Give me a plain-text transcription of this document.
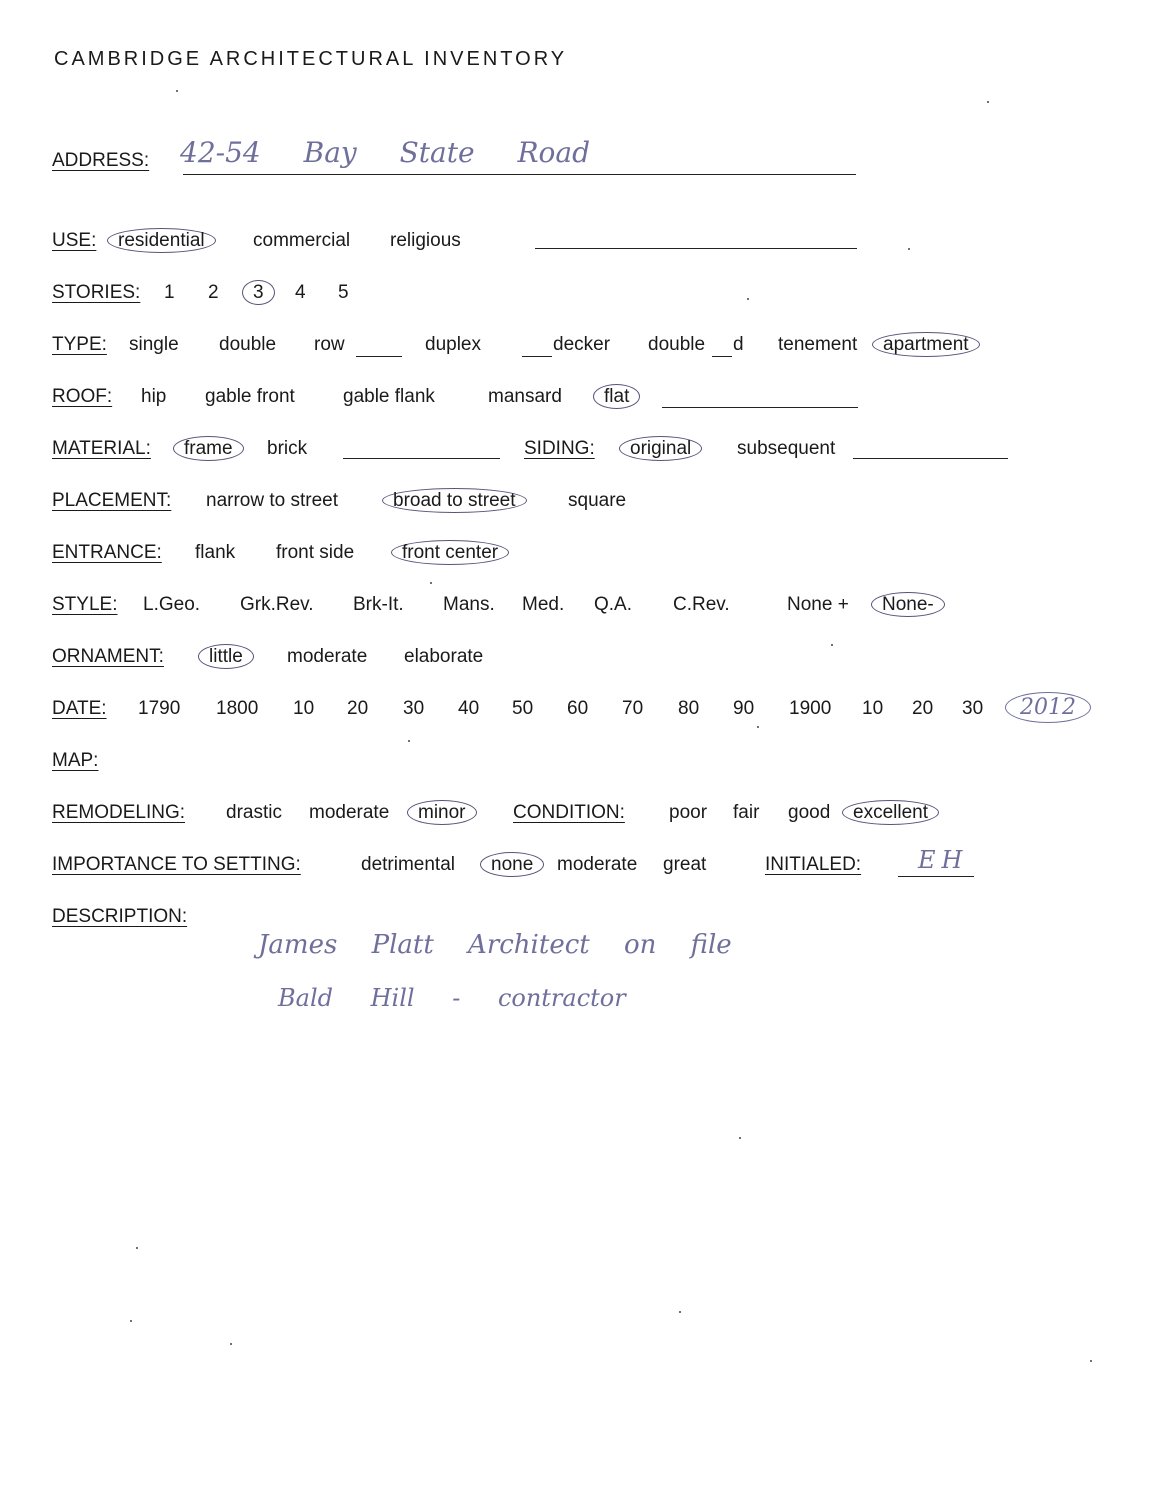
CAMBRIDGE ARCHITECTURAL INVENTORY
ADDRESS: 42-54 Bay State Road
USE: residential	commercial religious
STORIES: 1 2 3	4 5
TYPE: single double row	duplex	decker double d tenement apartment
ROOF: hip gable front	gable flank	mansard flat
MATERIAL: frame	brick	SIDING: original	subsequent
PLACEMENT: narrow to street	broad to street	square
ENTRANCE: flank front side	front center
STYLE: L.Geo. Grk.Rev. Brk-It. Mans. Med. Q.A. C.Rev.	None + None-
ORNAMENT: little	moderate elaborate
DATE: 1790 1800 10 20 30 40 50 60 70 80 90 1900 10 20 30	2012
MAP:
REMODELING: drastic moderate minor	CONDITION: poor fair good excellent
IMPORTANCE TO SETTING:	detrimental none	moderate great	INITIALED: EH
DESCRIPTION:
James Platt Architect on file
Bald Hill - contractor
